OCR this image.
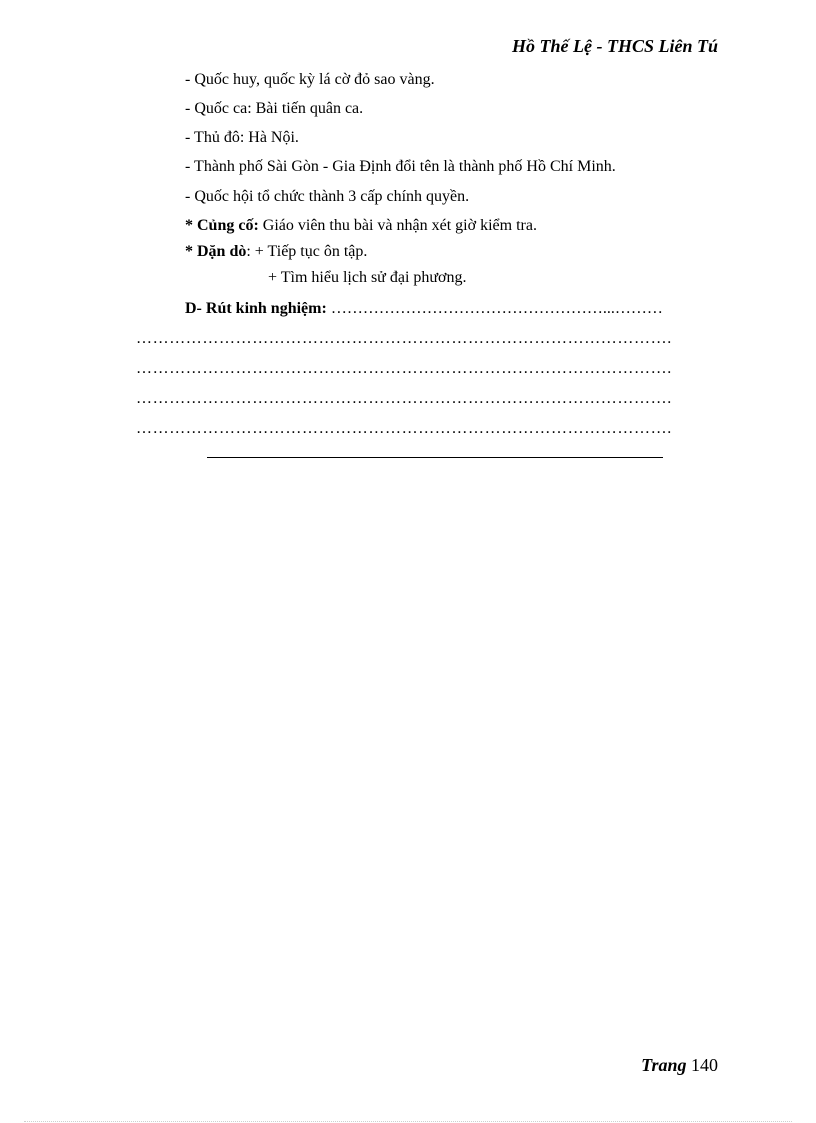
Hồ Thế Lệ - THCS Liên Tú
- Quốc huy, quốc kỳ lá cờ đỏ sao vàng.
- Quốc ca: Bài tiến quân ca.
- Thủ đô: Hà Nội.
- Thành phố Sài Gòn - Gia Định đổi tên là thành phố Hồ Chí Minh.
- Quốc hội tổ chức thành 3 cấp chính quyền.
* Củng cố: Giáo viên thu bài và nhận xét giờ kiểm tra.
* Dặn dò: + Tiếp tục ôn tập.
+ Tìm hiểu lịch sử đại phương.
D- Rút kinh nghiệm: ……………………………………………...………
…………………………………………………………………………………….
…………………………………………………………………………………….
…………………………………………………………………………………….
…………………………………………………………………………………….
Trang 140
